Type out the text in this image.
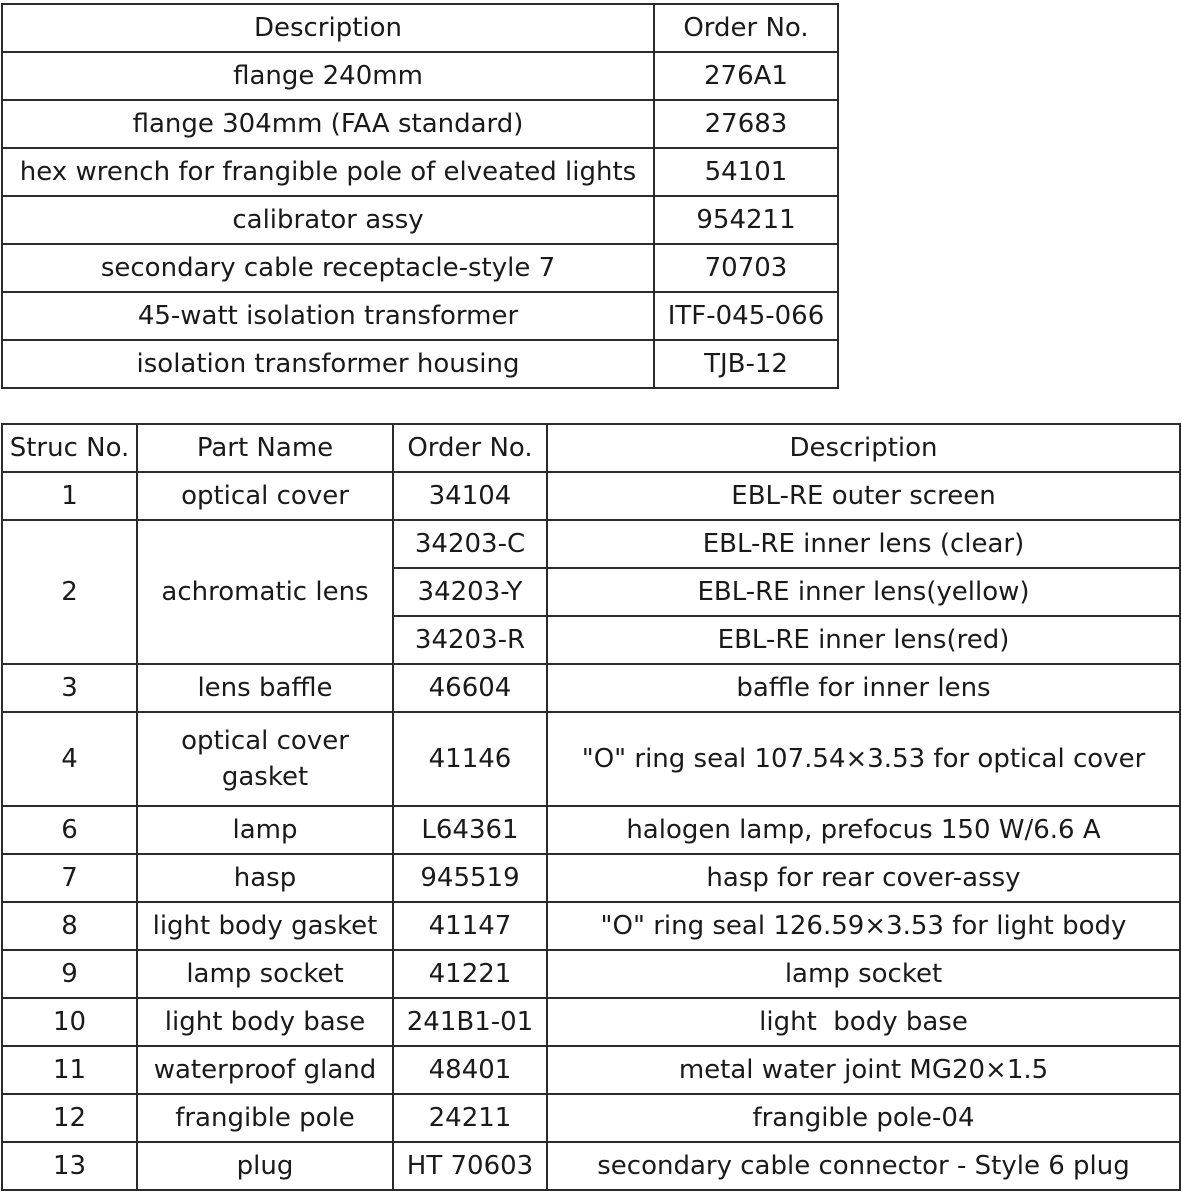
Description	Order No.
flange 240mm	276A1
flange 304mm (FAA standard)	27683
hex wrench for frangible pole of elveated lights	54101
calibrator assy	954211
secondary cable receptacle-style 7	70703
45-watt isolation transformer	ITF-045-066
isolation transformer housing	TJB-12
Struc No.	Part Name	Order No.	Description
1	optical cover	34104	EBL-RE outer screen
2	achromatic lens	34203-C	EBL-RE inner lens (clear)
		34203-Y	EBL-RE inner lens(yellow)
		34203-R	EBL-RE inner lens(red)
3	lens baffle	46604	baffle for inner lens
4	optical cover gasket	41146	"O" ring seal 107.54×3.53 for optical cover
6	lamp	L64361	halogen lamp, prefocus 150 W/6.6 A
7	hasp	945519	hasp for rear cover-assy
8	light body gasket	41147	"O" ring seal 126.59×3.53 for light body
9	lamp socket	41221	lamp socket
10	light body base	241B1-01	light  body base
11	waterproof gland	48401	metal water joint MG20×1.5
12	frangible pole	24211	frangible pole-04
13	plug	HT 70603	secondary cable connector - Style 6 plug
